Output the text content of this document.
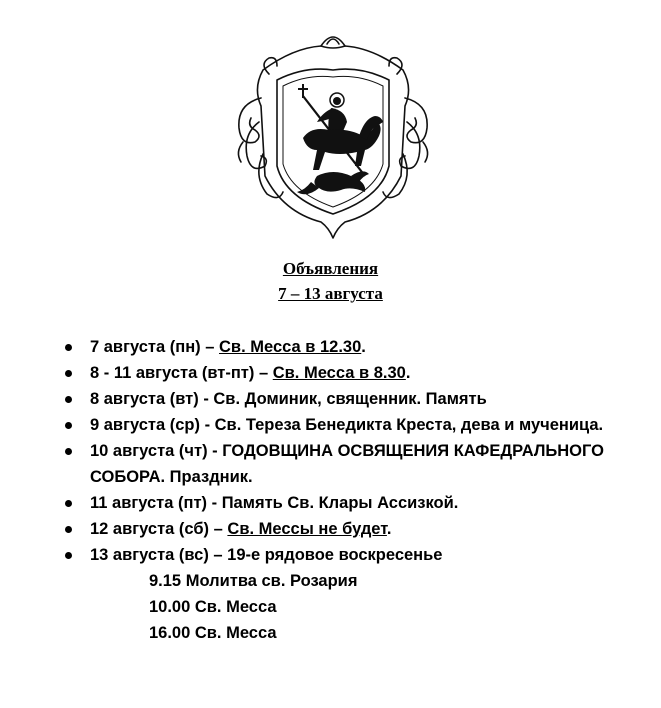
Объявления
7 – 13 августа
7 августа (пн) – Св. Месса в 12.30.
8 - 11 августа (вт-пт) – Св. Месса в 8.30.
8 августа (вт) - Св. Доминик, священник. Память
9 августа (ср) - Св. Тереза Бенедикта Креста, дева и мученица.
10 августа (чт) - ГОДОВЩИНА ОСВЯЩЕНИЯ КАФЕДРАЛЬНОГО СОБОРА. Праздник.
11 августа (пт) - Память Св. Клары Ассизкой.
12 августа (сб) – Св. Мессы не будет.
13 августа (вс) – 19-е рядовое воскресенье
9.15 Молитва св. Розария
10.00 Св. Месса
16.00 Св. Месса
